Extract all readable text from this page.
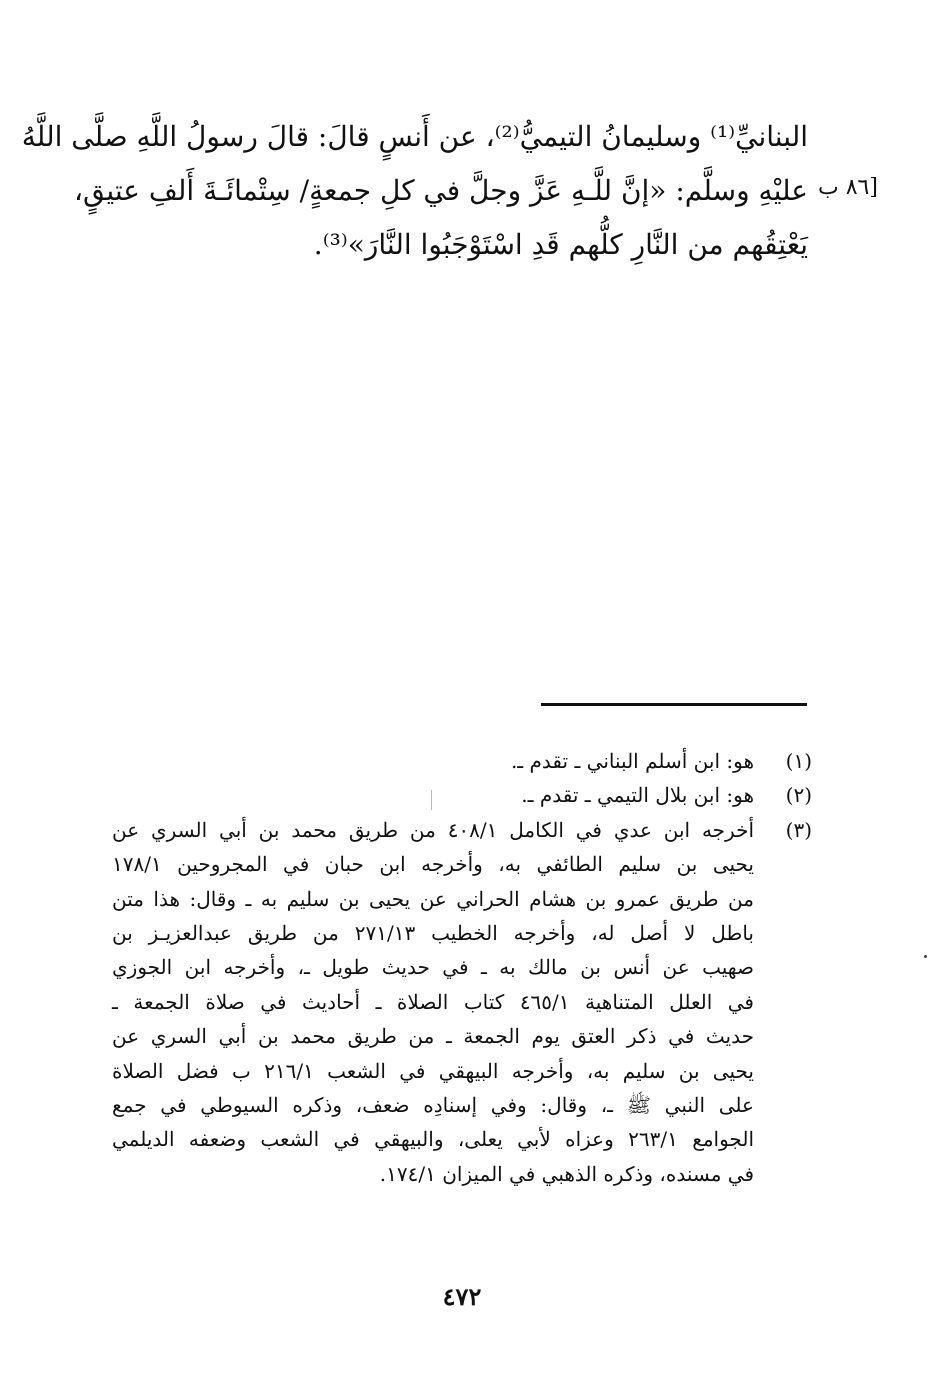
البنانيِّ⁽¹⁾ وسليمانُ التيميُّ⁽²⁾، عن أَنسٍ قالَ: قالَ رسولُ اللَّهِ صلَّى اللَّهُ
عليْهِ وسلَّم: «إنَّ للَّـهِ عَزَّ وجلَّ في كلِ جمعةٍ/ سِتْمائَـةَ أَلفِ عتيقٍ،
يَعْتِقُهم من النَّارِ كلُّهم قَدِ اسْتَوْجَبُوا النَّارَ»⁽³⁾.
[٨٦ ب
(١)
هو: ابن أسلم البناني ـ تقدم ـ.
(٢)
هو: ابن بلال التيمي ـ تقدم ـ.
(٣)
أخرجه ابن عدي في الكامل ٤٠٨/١ من طريق محمد بن أبي السري عن
يحيى بن سليم الطائفي به، وأخرجه ابن حبان في المجروحين ١٧٨/١
من طريق عمرو بن هشام الحراني عن يحيى بن سليم به ـ وقال: هذا متن
باطل لا أصل له، وأخرجه الخطيب ٢٧١/١٣ من طريق عبدالعزيـز بن
صهيب عن أنس بن مالك به ـ في حديث طويل ـ، وأخرجه ابن الجوزي
في العلل المتناهية ٤٦٥/١ كتاب الصلاة ـ أحاديث في صلاة الجمعة ـ
حديث في ذكر العتق يوم الجمعة ـ من طريق محمد بن أبي السري عن
يحيى بن سليم به، وأخرجه البيهقي في الشعب ٢١٦/١ ب فضل الصلاة
على النبي ﷺ ـ، وقال: وفي إسنادِه ضعف، وذكره السيوطي في جمع
الجوامع ٢٦٣/١ وعزاه لأبي يعلى، والبيهقي في الشعب وضعفه الديلمي
في مسنده، وذكره الذهبي في الميزان ١٧٤/١.
٤٧٢
